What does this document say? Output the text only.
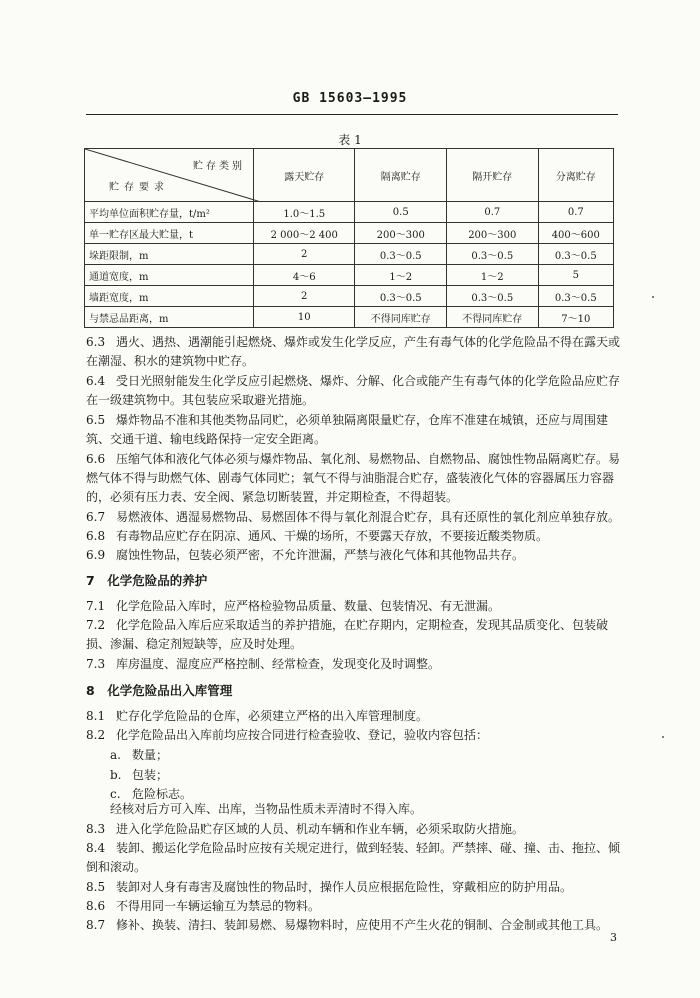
GB 15603—1995
表 1
贮存类别
贮存要求	露天贮存	隔离贮存	隔开贮存	分离贮存
平均单位面积贮存量，t/m²	1.0～1.5	0.5	0.7	0.7
单一贮存区最大贮量，t	2 000～2 400	200～300	200～300	400～600
垛距限制，m	2	0.3～0.5	0.3～0.5	0.3～0.5
通道宽度，m	4～6	1～2	1～2	5
墙距宽度，m	2	0.3～0.5	0.3～0.5	0.3～0.5
与禁忌品距离，m	10	不得同库贮存	不得同库贮存	7～10
6.3 遇火、遇热、遇潮能引起燃烧、爆炸或发生化学反应，产生有毒气体的化学危险品不得在露天或在潮湿、积水的建筑物中贮存。
6.4 受日光照射能发生化学反应引起燃烧、爆炸、分解、化合或能产生有毒气体的化学危险品应贮存在一级建筑物中。其包装应采取避光措施。
6.5 爆炸物品不准和其他类物品同贮，必须单独隔离限量贮存，仓库不准建在城镇，还应与周围建筑、交通干道、输电线路保持一定安全距离。
6.6 压缩气体和液化气体必须与爆炸物品、氧化剂、易燃物品、自燃物品、腐蚀性物品隔离贮存。易燃气体不得与助燃气体、剧毒气体同贮；氧气不得与油脂混合贮存，盛装液化气体的容器属压力容器的，必须有压力表、安全阀、紧急切断装置，并定期检查，不得超装。
6.7 易燃液体、遇湿易燃物品、易燃固体不得与氧化剂混合贮存，具有还原性的氧化剂应单独存放。
6.8 有毒物品应贮存在阴凉、通风、干燥的场所，不要露天存放，不要接近酸类物质。
6.9 腐蚀性物品，包装必须严密，不允许泄漏，严禁与液化气体和其他物品共存。
7　化学危险品的养护
7.1 化学危险品入库时，应严格检验物品质量、数量、包装情况、有无泄漏。
7.2 化学危险品入库后应采取适当的养护措施，在贮存期内，定期检查，发现其品质变化、包装破损、渗漏、稳定剂短缺等，应及时处理。
7.3 库房温度、湿度应严格控制、经常检查，发现变化及时调整。
8　化学危险品出入库管理
8.1 贮存化学危险品的仓库，必须建立严格的出入库管理制度。
8.2 化学危险品出入库前均应按合同进行检查验收、登记，验收内容包括：
a. 数量；
b. 包装；
c. 危险标志。
经核对后方可入库、出库，当物品性质未弄清时不得入库。
8.3 进入化学危险品贮存区域的人员、机动车辆和作业车辆，必须采取防火措施。
8.4 装卸、搬运化学危险品时应按有关规定进行，做到轻装、轻卸。严禁摔、碰、撞、击、拖拉、倾倒和滚动。
8.5 装卸对人身有毒害及腐蚀性的物品时，操作人员应根据危险性，穿戴相应的防护用品。
8.6 不得用同一车辆运输互为禁忌的物料。
8.7 修补、换装、清扫、装卸易燃、易爆物料时，应使用不产生火花的铜制、合金制或其他工具。
3
